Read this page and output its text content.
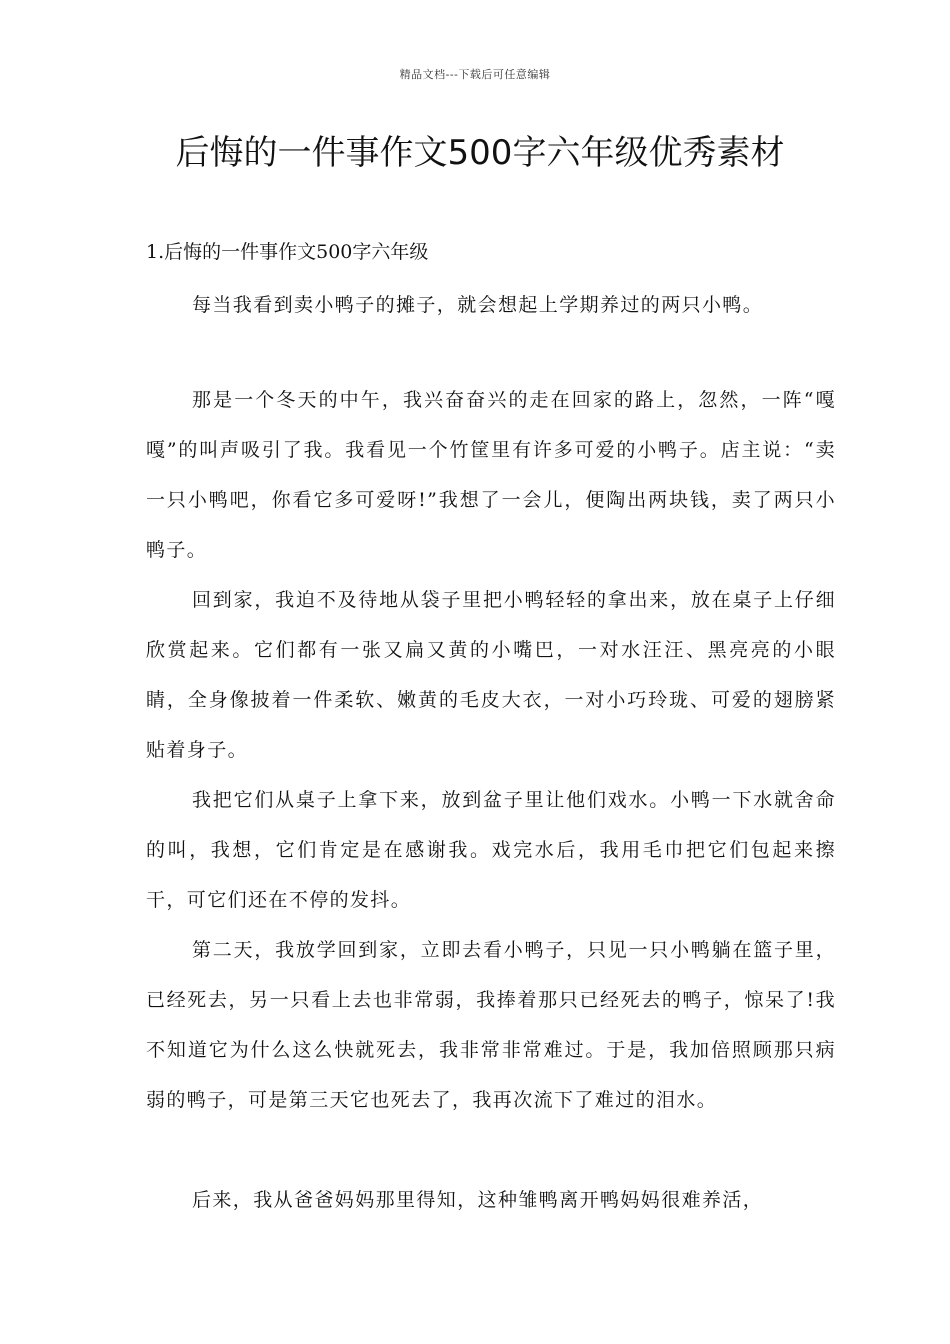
精品文档---下载后可任意编辑
后悔的一件事作文500字六年级优秀素材
1.后悔的一件事作文500字六年级

每当我看到卖小鸭子的摊子，就会想起上学期养过的两只小鸭。

那是一个冬天的中午，我兴奋奋兴的走在回家的路上，忽然，一阵“嘎嘎”的叫声吸引了我。我看见一个竹筐里有许多可爱的小鸭子。店主说：“卖一只小鸭吧，你看它多可爱呀!”我想了一会儿，便陶出两块钱，卖了两只小鸭子。

回到家，我迫不及待地从袋子里把小鸭轻轻的拿出来，放在桌子上仔细欣赏起来。它们都有一张又扁又黄的小嘴巴，一对水汪汪、黑亮亮的小眼睛，全身像披着一件柔软、嫩黄的毛皮大衣，一对小巧玲珑、可爱的翅膀紧贴着身子。

我把它们从桌子上拿下来，放到盆子里让他们戏水。小鸭一下水就舍命的叫，我想，它们肯定是在感谢我。戏完水后，我用毛巾把它们包起来擦干，可它们还在不停的发抖。

第二天，我放学回到家，立即去看小鸭子，只见一只小鸭躺在篮子里，已经死去，另一只看上去也非常弱，我捧着那只已经死去的鸭子，惊呆了!我不知道它为什么这么快就死去，我非常非常难过。于是，我加倍照顾那只病弱的鸭子，可是第三天它也死去了，我再次流下了难过的泪水。

后来，我从爸爸妈妈那里得知，这种雏鸭离开鸭妈妈很难养活，
